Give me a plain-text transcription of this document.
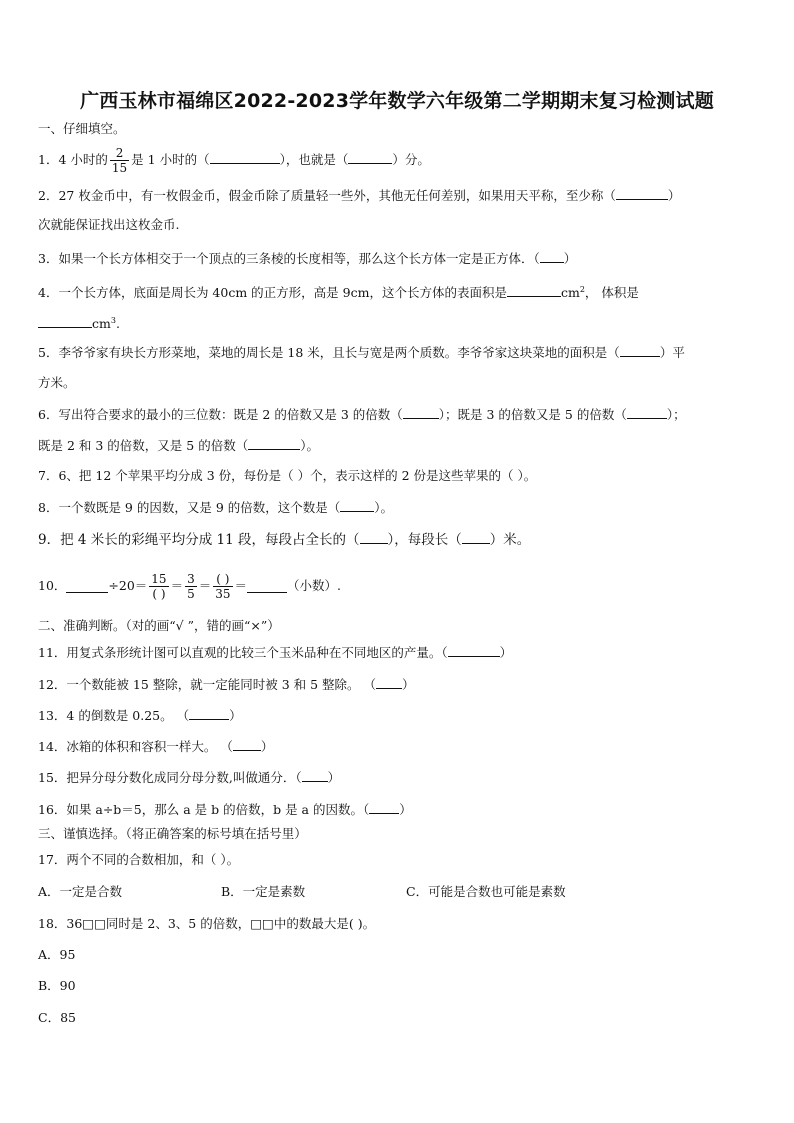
广西玉林市福绵区2022-2023学年数学六年级第二学期期末复习检测试题
一、仔细填空。
1．4 小时的 $\frac{2}{15}$ 是 1 小时的（	），也就是（	）分。
2．27 枚金币中，有一枚假金币，假金币除了质量轻一些外，其他无任何差别，如果用天平称，至少称（	）
次就能保证找出这枚金币.
3．如果一个长方体相交于一个顶点的三条棱的长度相等，那么这个长方体一定是正方体．（ ）
4．一个长方体，底面是周长为 40cm 的正方形，高是 9cm，这个长方体的表面积是	$cm^2$， 体积是
$cm^3$.
5．李爷爷家有块长方形菜地，菜地的周长是 18 米，且长与宽是两个质数。李爷爷家这块菜地的面积是（	）平
方米。
6．写出符合要求的最小的三位数：既是 2 的倍数又是 3 的倍数（	）；既是 3 的倍数又是 5 的倍数（	）；
既是 2 和 3 的倍数，又是 5 的倍数（	）。
7．6、把 12 个苹果平均分成 3 份，每份是（ ）个，表示这样的 2 份是这些苹果的（ ）。
8．一个数既是 9 的因数，又是 9 的倍数，这个数是（	）。
9．把 4 米长的彩绳平均分成 11 段，每段占全长的（ ），每段长（ ）米。
10．	$\div 20= \frac{15}{( )} = \frac{3}{5} = \frac{( )}{35}$ ＝	（小数）.
二、准确判断。（对的画“√ ”，错的画“×”）
11．用复式条形统计图可以直观的比较三个玉米品种在不同地区的产量。（	）
12．一个数能被 15 整除，就一定能同时被 3 和 5 整除。 （ ）
13．4 的倒数是 0.25。 （	）
14．冰箱的体积和容积一样大。 （ ）
15．把异分母分数化成同分母分数,叫做通分．（ ）
16．如果 a÷b＝5，那么 a 是 b 的倍数，b 是 a 的因数。（ ）
三、谨慎选择。（将正确答案的标号填在括号里）
17．两个不同的合数相加，和（ ）。
A．一定是合数	B．一定是素数	C．可能是合数也可能是素数
18．36□□同时是 2、3、5 的倍数，□□中的数最大是( )。
A．95
B．90
C．85
